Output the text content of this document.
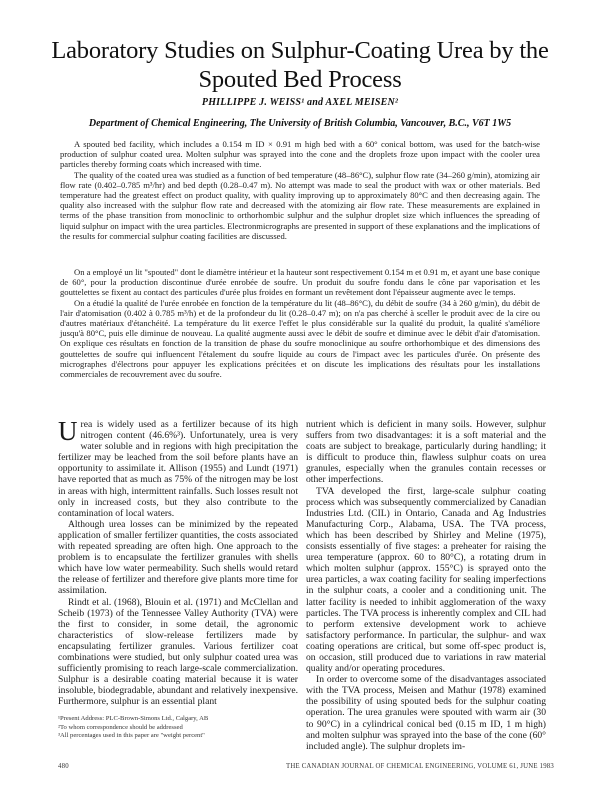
Laboratory Studies on Sulphur-Coating Urea by the Spouted Bed Process
PHILLIPPE J. WEISS¹ and AXEL MEISEN²
Department of Chemical Engineering, The University of British Columbia, Vancouver, B.C., V6T 1W5

A spouted bed facility, which includes a 0.154 m ID × 0.91 m high bed with a 60° conical bottom, was used for the batch-wise production of sulphur coated urea. Molten sulphur was sprayed into the cone and the droplets froze upon impact with the cooler urea particles thereby forming coats which increased with time.

The quality of the coated urea was studied as a function of bed temperature (48–86°C), sulphur flow rate (34–260 g/min), atomizing air flow rate (0.402–0.785 m³/hr) and bed depth (0.28–0.47 m). No attempt was made to seal the product with wax or other materials. Bed temperature had the greatest effect on product quality, with quality improving up to approximately 80°C and then decreasing again. The quality also increased with the sulphur flow rate and decreased with the atomizing air flow rate. These measurements are explained in terms of the phase transition from monoclinic to orthorhombic sulphur and the sulphur droplet size which influences the spreading of liquid sulphur on impact with the urea particles. Electronmicrographs are presented in support of these explanations and the implications of the results for commercial sulphur coating facilities are discussed.

On a employé un lit "spouted" dont le diamètre intérieur et la hauteur sont respectivement 0.154 m et 0.91 m, et ayant une base conique de 60°, pour la production discontinue d'urée enrobée de soufre. Un produit du soufre fondu dans le cône par vaporisation et les gouttelettes se fixent au contact des particules d'urée plus froides en formant un revêtement dont l'épaisseur augmente avec le temps.

On a étudié la qualité de l'urée enrobée en fonction de la température du lit (48–86°C), du débit de soufre (34 à 260 g/min), du débit de l'air d'atomisation (0.402 à 0.785 m³/h) et de la profondeur du lit (0.28–0.47 m); on n'a pas cherché à sceller le produit avec de la cire ou d'autres matériaux d'étanchéité. La température du lit exerce l'effet le plus considérable sur la qualité du produit, la qualité s'améliore jusqu'à 80°C, puis elle diminue de nouveau. La qualité augmente aussi avec le débit de soufre et diminue avec le débit d'air d'atomisation. On explique ces résultats en fonction de la transition de phase du soufre monoclinique au soufre orthorhombique et des dimensions des gouttelettes de soufre qui influencent l'étalement du soufre liquide au cours de l'impact avec les particules d'urée. On présente des micrographes d'électrons pour appuyer les explications précitées et on discute les implications des résultats pour les installations commerciales de recouvrement avec du soufre.

Urea is widely used as a fertilizer because of its high nitrogen content (46.6%³). Unfortunately, urea is very water soluble and in regions with high precipitation the fertilizer may be leached from the soil before plants have an opportunity to assimilate it. Allison (1955) and Lundt (1971) have reported that as much as 75% of the nitrogen may be lost in areas with high, intermittent rainfalls. Such losses result not only in increased costs, but they also contribute to the contamination of local waters.

Although urea losses can be minimized by the repeated application of smaller fertilizer quantities, the costs associated with repeated spreading are often high. One approach to the problem is to encapsulate the fertilizer granules with shells which have low water permeability. Such shells would retard the release of fertilizer and therefore give plants more time for assimilation.

Rindt et al. (1968), Blouin et al. (1971) and McClellan and Scheib (1973) of the Tennessee Valley Authority (TVA) were the first to consider, in some detail, the agronomic characteristics of slow-release fertilizers made by encapsulating fertilizer granules. Various fertilizer coat combinations were studied, but only sulphur coated urea was sufficiently promising to reach large-scale commercialization. Sulphur is a desirable coating material because it is water insoluble, biodegradable, abundant and relatively inexpensive. Furthermore, sulphur is an essential plant

nutrient which is deficient in many soils. However, sulphur suffers from two disadvantages: it is a soft material and the coats are subject to breakage, particularly during handling; it is difficult to produce thin, flawless sulphur coats on urea granules, especially when the granules contain recesses or other imperfections.

TVA developed the first, large-scale sulphur coating process which was subsequently commercialized by Canadian Industries Ltd. (CIL) in Ontario, Canada and Ag Industries Manufacturing Corp., Alabama, USA. The TVA process, which has been described by Shirley and Meline (1975), consists essentially of five stages: a preheater for raising the urea temperature (approx. 60 to 80°C), a rotating drum in which molten sulphur (approx. 155°C) is sprayed onto the urea particles, a wax coating facility for sealing imperfections in the sulphur coats, a cooler and a conditioning unit. The latter facility is needed to inhibit agglomeration of the waxy particles. The TVA process is inherently complex and CIL had to perform extensive development work to achieve satisfactory performance. In particular, the sulphur- and wax coating operations are critical, but some off-spec product is, on occasion, still produced due to variations in raw material quality and/or operating procedures.

In order to overcome some of the disadvantages associated with the TVA process, Meisen and Mathur (1978) examined the possibility of using spouted beds for the sulphur coating operation. The urea granules were spouted with warm air (30 to 90°C) in a cylindrical conical bed (0.15 m ID, 1 m high) and molten sulphur was sprayed into the base of the cone (60° included angle). The sulphur droplets im-

¹Present Address: PLC-Brown-Simons Ltd., Calgary, AB
²To whom correspondence should be addressed
³All percentages used in this paper are "weight percent"
480	THE CANADIAN JOURNAL OF CHEMICAL ENGINEERING, VOLUME 61, JUNE 1983
